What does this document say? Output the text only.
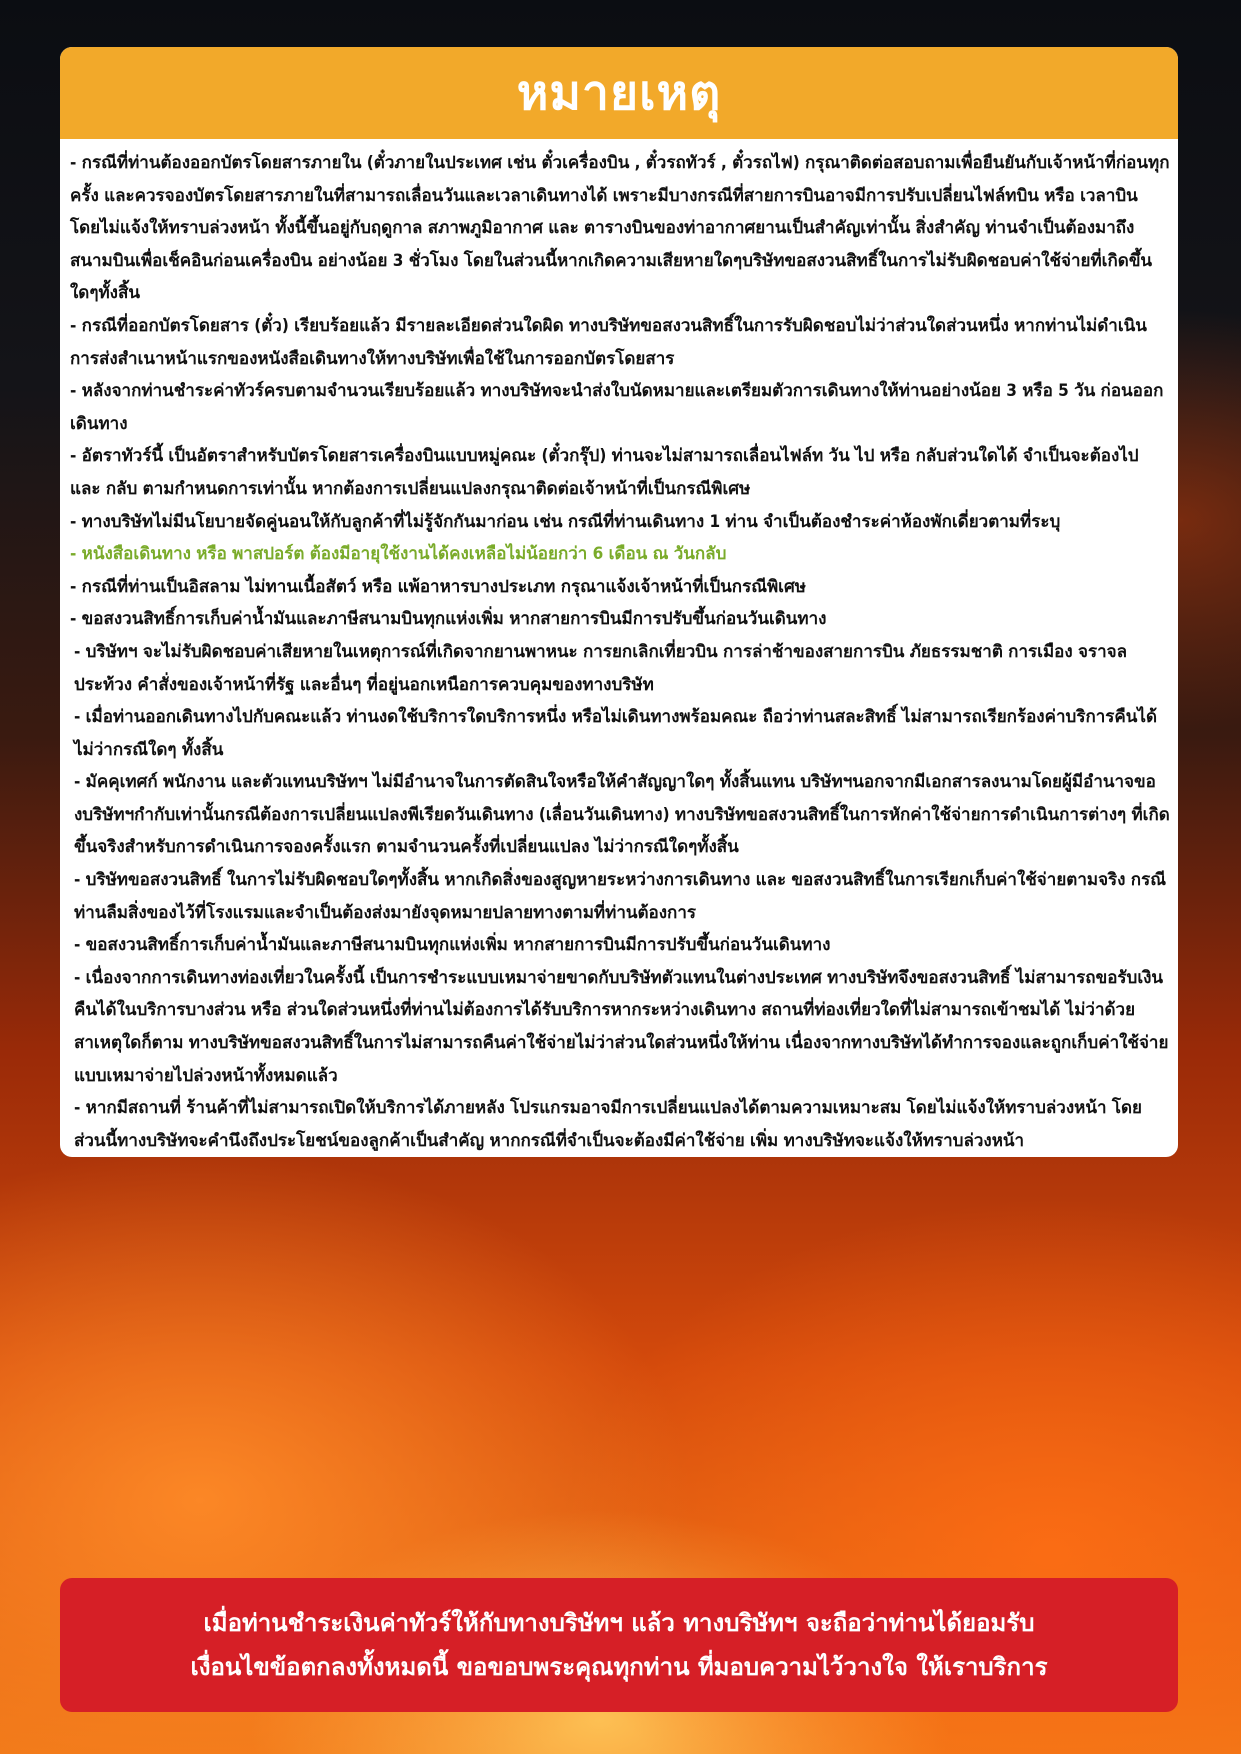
หมายเหตุ

- กรณีที่ท่านต้องออกบัตรโดยสารภายใน (ตั๋วภายในประเทศ เช่น ตั๋วเครื่องบิน , ตั๋วรถทัวร์ , ตั๋วรถไฟ) กรุณาติดต่อสอบถามเพื่อยืนยันกับเจ้าหน้าที่ก่อนทุกครั้ง และควรจองบัตรโดยสารภายในที่สามารถเลื่อนวันและเวลาเดินทางได้ เพราะมีบางกรณีที่สายการบินอาจมีการปรับเปลี่ยนไฟล์ทบิน หรือ เวลาบิน โดยไม่แจ้งให้ทราบล่วงหน้า ทั้งนี้ขึ้นอยู่กับฤดูกาล สภาพภูมิอากาศ และ ตารางบินของท่าอากาศยานเป็นสำคัญเท่านั้น สิ่งสำคัญ ท่านจำเป็นต้องมาถึงสนามบินเพื่อเช็คอินก่อนเครื่องบิน อย่างน้อย 3 ชั่วโมง โดยในส่วนนี้หากเกิดความเสียหายใดๆบริษัทขอสงวนสิทธิ์ในการไม่รับผิดชอบค่าใช้จ่ายที่เกิดขึ้นใดๆทั้งสิ้น

- กรณีที่ออกบัตรโดยสาร (ตั๋ว) เรียบร้อยแล้ว มีรายละเอียดส่วนใดผิด ทางบริษัทขอสงวนสิทธิ์ในการรับผิดชอบไม่ว่าส่วนใดส่วนหนึ่ง หากท่านไม่ดำเนินการส่งสำเนาหน้าแรกของหนังสือเดินทางให้ทางบริษัทเพื่อใช้ในการออกบัตรโดยสาร

- หลังจากท่านชำระค่าทัวร์ครบตามจำนวนเรียบร้อยแล้ว ทางบริษัทจะนำส่งใบนัดหมายและเตรียมตัวการเดินทางให้ท่านอย่างน้อย 3 หรือ 5 วัน ก่อนออกเดินทาง

- อัตราทัวร์นี้ เป็นอัตราสำหรับบัตรโดยสารเครื่องบินแบบหมู่คณะ (ตั๋วกรุ๊ป) ท่านจะไม่สามารถเลื่อนไฟล์ท วัน ไป หรือ กลับส่วนใดได้ จำเป็นจะต้องไป และ กลับ ตามกำหนดการเท่านั้น หากต้องการเปลี่ยนแปลงกรุณาติดต่อเจ้าหน้าที่เป็นกรณีพิเศษ

- ทางบริษัทไม่มีนโยบายจัดคู่นอนให้กับลูกค้าที่ไม่รู้จักกันมาก่อน เช่น กรณีที่ท่านเดินทาง 1 ท่าน จำเป็นต้องชำระค่าห้องพักเดี่ยวตามที่ระบุ

- หนังสือเดินทาง หรือ พาสปอร์ต ต้องมีอายุใช้งานได้คงเหลือไม่น้อยกว่า 6 เดือน ณ วันกลับ

- กรณีที่ท่านเป็นอิสลาม ไม่ทานเนื้อสัตว์ หรือ แพ้อาหารบางประเภท กรุณาแจ้งเจ้าหน้าที่เป็นกรณีพิเศษ

- ขอสงวนสิทธิ์การเก็บค่าน้ำมันและภาษีสนามบินทุกแห่งเพิ่ม หากสายการบินมีการปรับขึ้นก่อนวันเดินทาง

- บริษัทฯ จะไม่รับผิดชอบค่าเสียหายในเหตุการณ์ที่เกิดจากยานพาหนะ การยกเลิกเที่ยวบิน การล่าช้าของสายการบิน ภัยธรรมชาติ การเมือง จราจล ประท้วง คำสั่งของเจ้าหน้าที่รัฐ และอื่นๆ ที่อยู่นอกเหนือการควบคุมของทางบริษัท

- เมื่อท่านออกเดินทางไปกับคณะแล้ว ท่านงดใช้บริการใดบริการหนึ่ง หรือไม่เดินทางพร้อมคณะ ถือว่าท่านสละสิทธิ์ ไม่สามารถเรียกร้องค่าบริการคืนได้ ไม่ว่ากรณีใดๆ ทั้งสิ้น

- มัคคุเทศก์ พนักงาน และตัวแทนบริษัทฯ ไม่มีอำนาจในการตัดสินใจหรือให้คำสัญญาใดๆ ทั้งสิ้นแทน บริษัทฯนอกจากมีเอกสารลงนามโดยผู้มีอำนาจของบริษัทฯกำกับเท่านั้นกรณีต้องการเปลี่ยนแปลงพีเรียดวันเดินทาง (เลื่อนวันเดินทาง) ทางบริษัทขอสงวนสิทธิ์ในการหักค่าใช้จ่ายการดำเนินการต่างๆ ที่เกิดขึ้นจริงสำหรับการดำเนินการจองครั้งแรก ตามจำนวนครั้งที่เปลี่ยนแปลง ไม่ว่ากรณีใดๆทั้งสิ้น

- บริษัทขอสงวนสิทธิ์ ในการไม่รับผิดชอบใดๆทั้งสิ้น หากเกิดสิ่งของสูญหายระหว่างการเดินทาง และ ขอสงวนสิทธิ์ในการเรียกเก็บค่าใช้จ่ายตามจริง กรณีท่านลืมสิ่งของไว้ที่โรงแรมและจำเป็นต้องส่งมายังจุดหมายปลายทางตามที่ท่านต้องการ

- ขอสงวนสิทธิ์การเก็บค่าน้ำมันและภาษีสนามบินทุกแห่งเพิ่ม หากสายการบินมีการปรับขึ้นก่อนวันเดินทาง

- เนื่องจากการเดินทางท่องเที่ยวในครั้งนี้ เป็นการชำระแบบเหมาจ่ายขาดกับบริษัทตัวแทนในต่างประเทศ ทางบริษัทจึงขอสงวนสิทธิ์ ไม่สามารถขอรับเงินคืนได้ในบริการบางส่วน หรือ ส่วนใดส่วนหนึ่งที่ท่านไม่ต้องการได้รับบริการหากระหว่างเดินทาง สถานที่ท่องเที่ยวใดที่ไม่สามารถเข้าชมได้ ไม่ว่าด้วยสาเหตุใดก็ตาม ทางบริษัทขอสงวนสิทธิ์ในการไม่สามารถคืนค่าใช้จ่ายไม่ว่าส่วนใดส่วนหนึ่งให้ท่าน เนื่องจากทางบริษัทได้ทำการจองและถูกเก็บค่าใช้จ่ายแบบเหมาจ่ายไปล่วงหน้าทั้งหมดแล้ว

- หากมีสถานที่ ร้านค้าที่ไม่สามารถเปิดให้บริการได้ภายหลัง โปรแกรมอาจมีการเปลี่ยนแปลงได้ตามความเหมาะสม โดยไม่แจ้งให้ทราบล่วงหน้า โดยส่วนนี้ทางบริษัทจะคำนึงถึงประโยชน์ของลูกค้าเป็นสำคัญ หากกรณีที่จำเป็นจะต้องมีค่าใช้จ่าย เพิ่ม ทางบริษัทจะแจ้งให้ทราบล่วงหน้า

เมื่อท่านชำระเงินค่าทัวร์ให้กับทางบริษัทฯ แล้ว ทางบริษัทฯ จะถือว่าท่านได้ยอมรับ
เงื่อนไขข้อตกลงทั้งหมดนี้ ขอขอบพระคุณทุกท่าน ที่มอบความไว้วางใจ ให้เราบริการ
